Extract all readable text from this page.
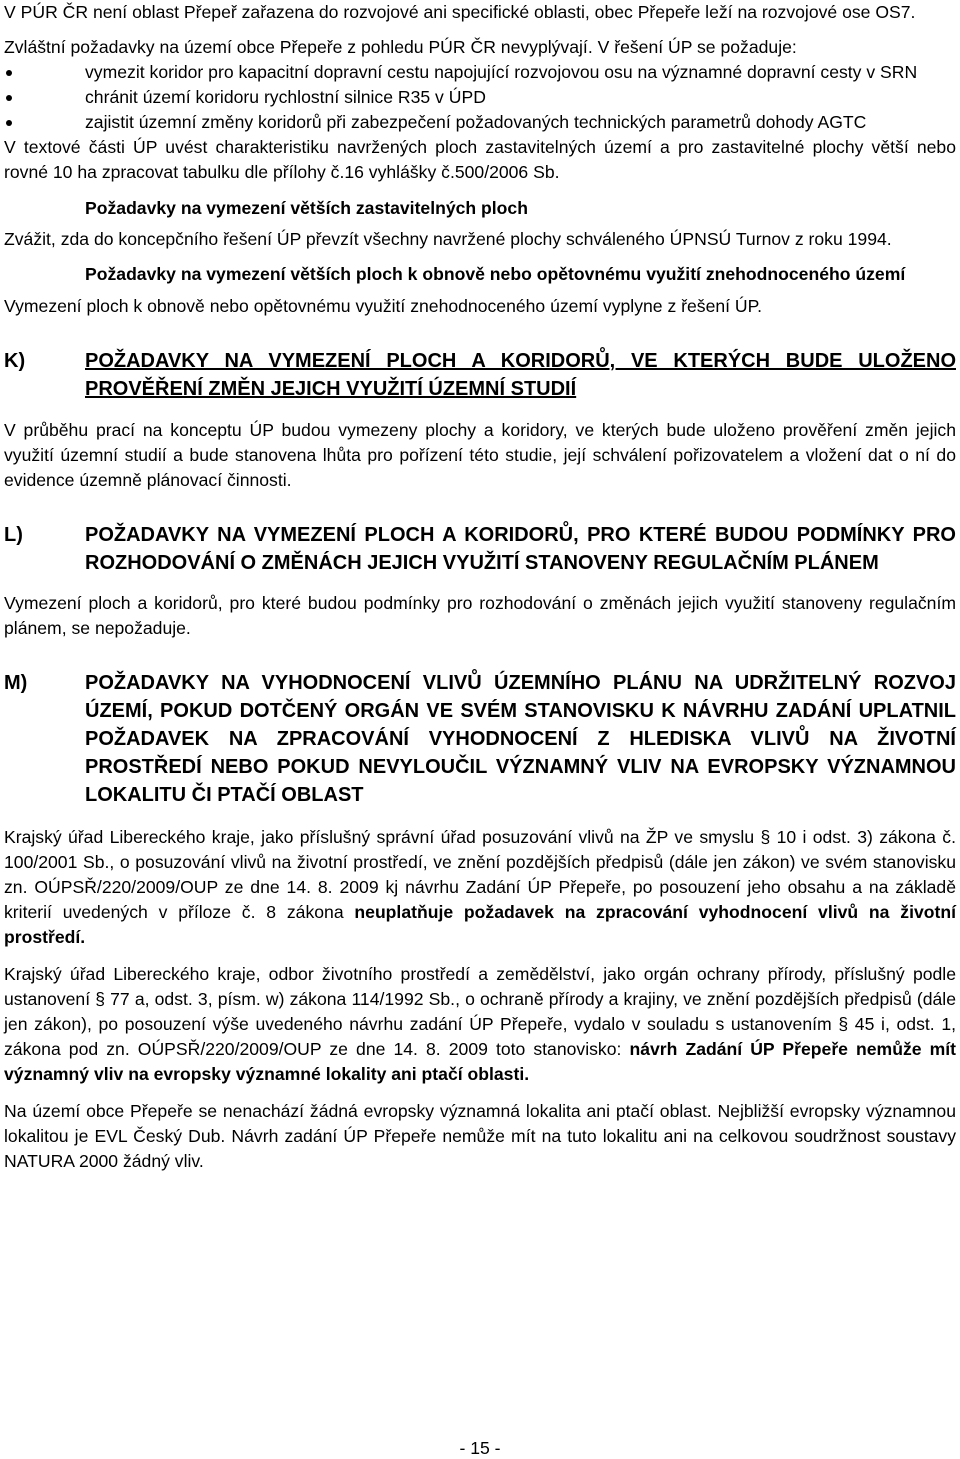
V PÚR ČR není oblast Přepeř zařazena do rozvojové ani specifické oblasti, obec Přepeře leží na rozvojové ose OS7.

Zvláštní požadavky na území obce Přepeře z pohledu PÚR ČR nevyplývají. V řešení ÚP se požaduje:

vymezit koridor pro kapacitní dopravní cestu napojující rozvojovou osu na významné dopravní cesty v SRN
chránit území koridoru rychlostní silnice R35 v ÚPD
zajistit územní změny koridorů při zabezpečení požadovaných technických parametrů dohody AGTC

V textové části ÚP uvést charakteristiku navržených ploch zastavitelných území a pro zastavitelné plochy větší nebo rovné 10 ha zpracovat tabulku dle přílohy č.16 vyhlášky č.500/2006 Sb.

Požadavky na vymezení větších zastavitelných ploch

Zvážit, zda do koncepčního řešení ÚP převzít všechny navržené plochy schváleného ÚPNSÚ Turnov z roku 1994.

Požadavky na vymezení větších ploch k obnově nebo opětovnému využití znehodnoceného území

Vymezení ploch k obnově nebo opětovnému využití znehodnoceného území vyplyne z řešení ÚP.

K)	POŽADAVKY NA VYMEZENÍ PLOCH A KORIDORŮ, VE KTERÝCH BUDE ULOŽENO PROVĚŘENÍ ZMĚN JEJICH VYUŽITÍ ÚZEMNÍ STUDIÍ

V průběhu prací na konceptu ÚP budou vymezeny plochy a koridory, ve kterých bude uloženo prověření změn jejich využití územní studií a bude stanovena lhůta pro pořízení této studie, její schválení pořizovatelem a vložení dat o ní do evidence územně plánovací činnosti.

L)	POŽADAVKY NA VYMEZENÍ PLOCH A KORIDORŮ, PRO KTERÉ BUDOU PODMÍNKY PRO ROZHODOVÁNÍ O ZMĚNÁCH JEJICH VYUŽITÍ STANOVENY REGULAČNÍM PLÁNEM

Vymezení ploch a koridorů, pro které budou podmínky pro rozhodování o změnách jejich využití stanoveny regulačním plánem, se nepožaduje.

M)	POŽADAVKY NA VYHODNOCENÍ VLIVŮ ÚZEMNÍHO PLÁNU NA UDRŽITELNÝ ROZVOJ ÚZEMÍ, POKUD DOTČENÝ ORGÁN VE SVÉM STANOVISKU K NÁVRHU ZADÁNÍ UPLATNIL POŽADAVEK NA ZPRACOVÁNÍ VYHODNOCENÍ Z HLEDISKA VLIVŮ NA ŽIVOTNÍ PROSTŘEDÍ NEBO POKUD NEVYLOUČIL VÝZNAMNÝ VLIV NA EVROPSKY VÝZNAMNOU LOKALITU ČI PTAČÍ OBLAST

Krajský úřad Libereckého kraje, jako příslušný správní úřad posuzování vlivů na ŽP ve smyslu § 10 i odst. 3) zákona č. 100/2001 Sb., o posuzování vlivů na životní prostředí, ve znění pozdějších předpisů (dále jen zákon) ve svém stanovisku zn. OÚPSŘ/220/2009/OUP ze dne 14. 8. 2009 kj návrhu Zadání ÚP Přepeře, po posouzení jeho obsahu a na základě kriterií uvedených v příloze č. 8 zákona neuplatňuje požadavek na zpracování vyhodnocení vlivů na životní prostředí.

Krajský úřad Libereckého kraje, odbor životního prostředí a zemědělství, jako orgán ochrany přírody, příslušný podle ustanovení § 77 a, odst. 3, písm. w) zákona 114/1992 Sb., o ochraně přírody a krajiny, ve znění pozdějších předpisů (dále jen zákon), po posouzení výše uvedeného návrhu zadání ÚP Přepeře, vydalo v souladu s ustanovením § 45 i, odst. 1, zákona pod zn. OÚPSŘ/220/2009/OUP ze dne 14. 8. 2009 toto stanovisko: návrh Zadání ÚP Přepeře nemůže mít významný vliv na evropsky významné lokality ani ptačí oblasti.

Na území obce Přepeře se nenachází žádná evropsky významná lokalita ani ptačí oblast. Nejbližší evropsky významnou lokalitou je EVL Český Dub. Návrh zadání ÚP Přepeře nemůže mít na tuto lokalitu ani na celkovou soudržnost soustavy NATURA 2000 žádný vliv.

- 15 -
